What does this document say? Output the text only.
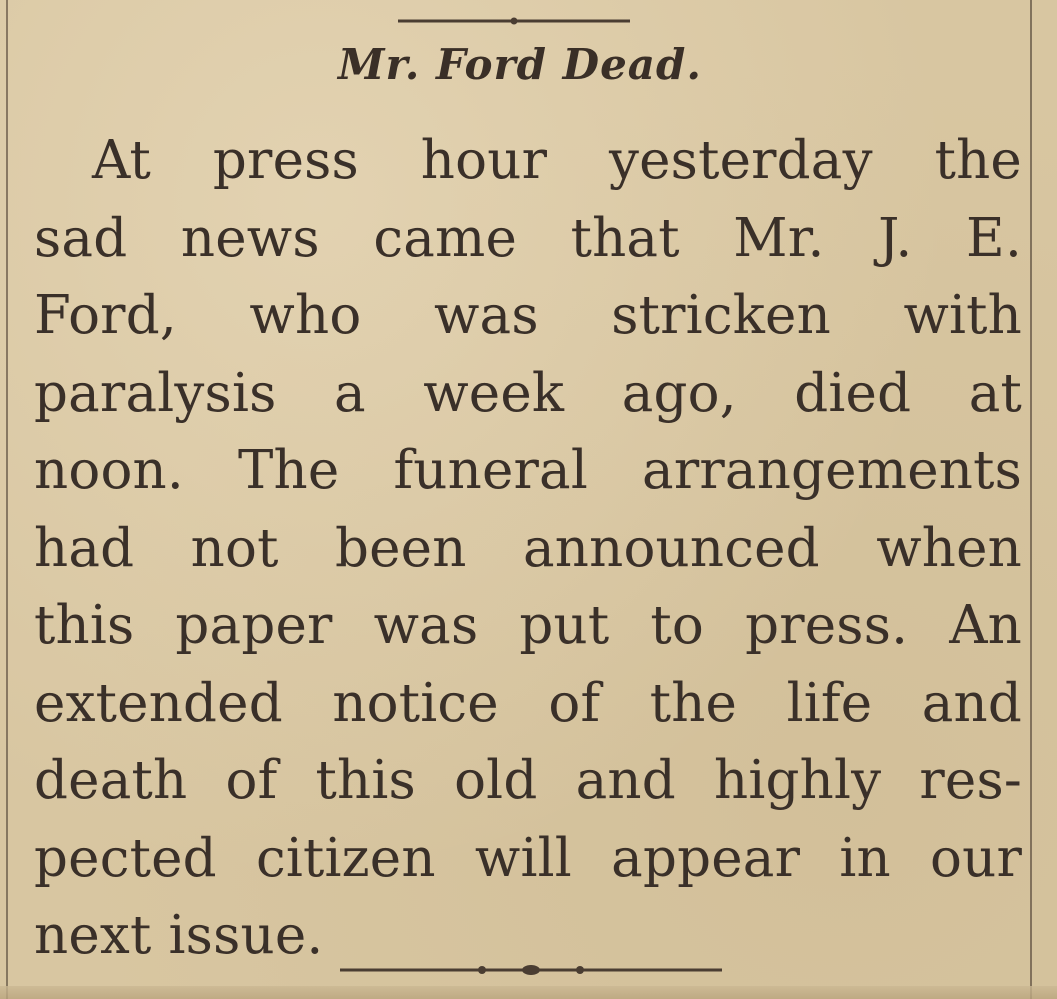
Mr. Ford Dead.
At press hour yesterday the
sad news came that Mr. J. E.
Ford, who was stricken with
paralysis a week ago, died at
noon. The funeral arrangements
had not been announced when
this paper was put to press. An
extended notice of the life and
death of this old and highly res-
pected citizen will appear in our
next issue.
